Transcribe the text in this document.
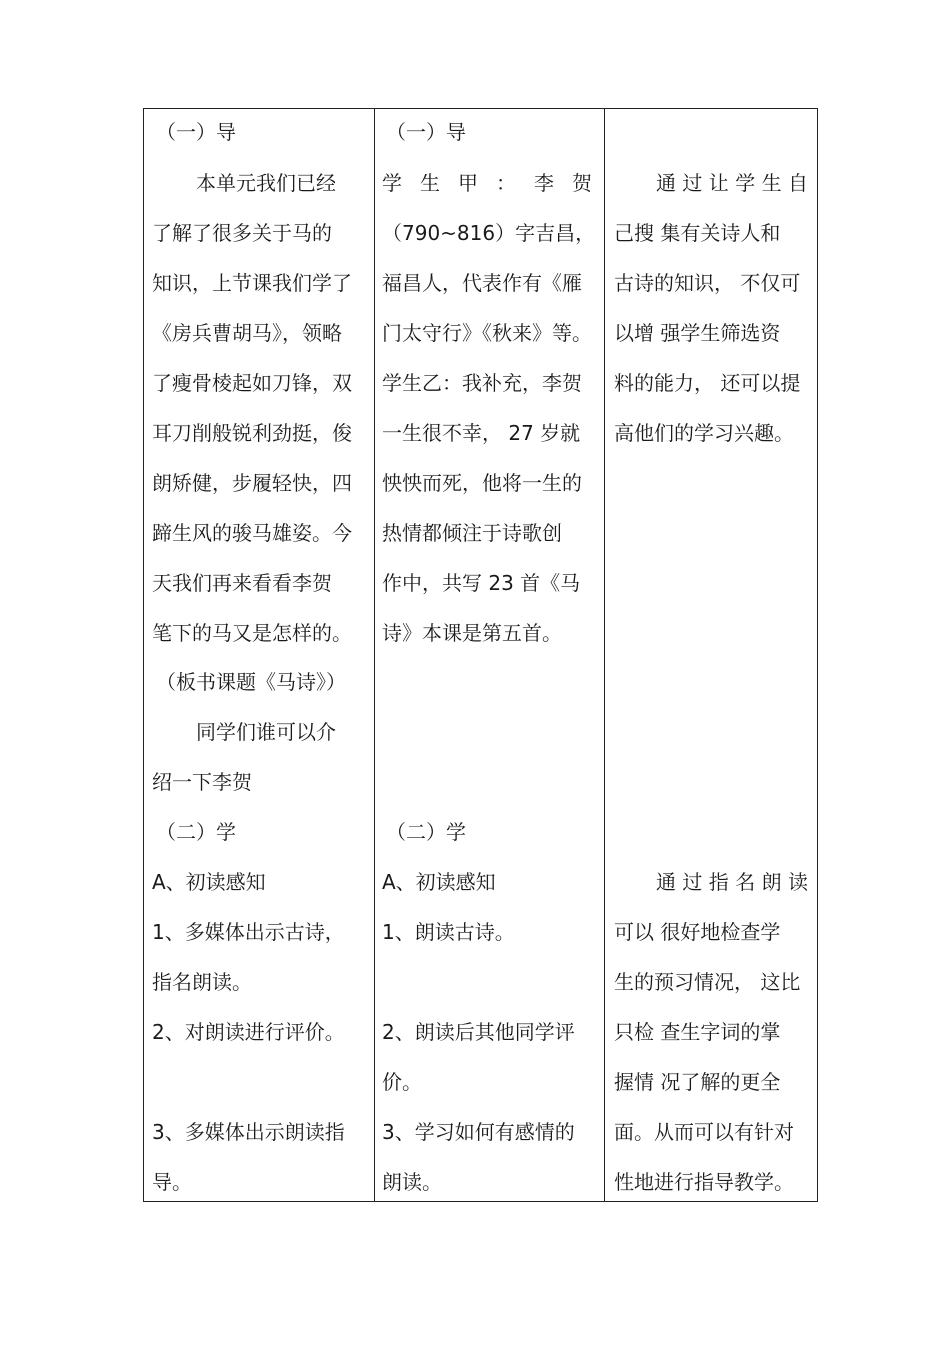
（一）导
本单元我们已经
了解了很多关于马的
知识，上节课我们学了
《房兵曹胡马》，领略
了瘦骨棱起如刀锋，双
耳刀削般锐利劲挺，俊
朗矫健，步履轻快，四
蹄生风的骏马雄姿。今
天我们再来看看李贺
笔下的马又是怎样的。
（板书课题《马诗》）
同学们谁可以介
绍一下李贺
（二）学
A、初读感知
1、多媒体出示古诗，
指名朗读。
2、对朗读进行评价。
3、多媒体出示朗读指
导。
（一）导
学 生 甲 ： 李 贺
（790~816）字吉昌，
福昌人，代表作有《雁
门太守行》《秋来》等。
学生乙：我补充，李贺
一生很不幸， 27 岁就
怏怏而死，他将一生的
热情都倾注于诗歌创
作中，共写 23 首《马
诗》本课是第五首。
（二）学
A、初读感知
1、朗读古诗。
2、朗读后其他同学评
价。
3、学习如何有感情的
朗读。
通过让学生自
己搜 集有关诗人和
古诗的知识， 不仅可
以增 强学生筛选资
料的能力， 还可以提
高他们的学习兴趣。
通过指名朗读
可以 很好地检查学
生的预习情况， 这比
只检 查生字词的掌
握情 况了解的更全
面。从而可以有针对
性地进行指导教学。
